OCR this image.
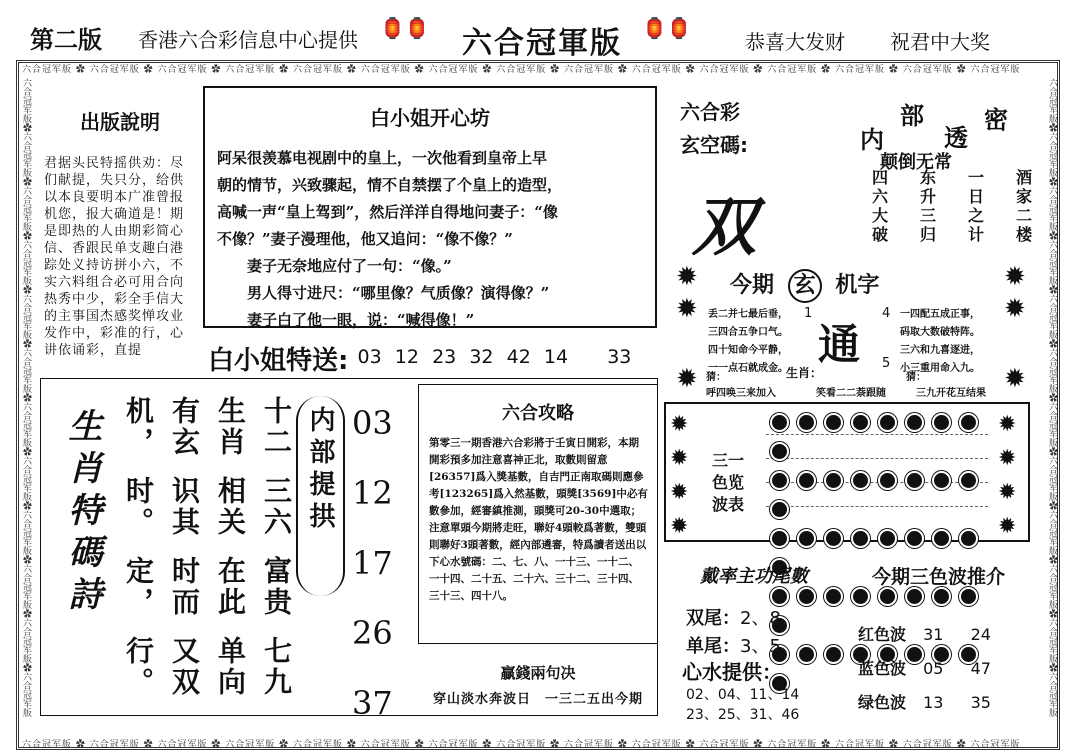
第二版 香港六合彩信息中心提供 🏮🏮 六合冠軍版 🏮🏮
恭喜大发财 祝君中大奖
六合冠军版 ✿ 六合冠军版 ✿ 六合冠军版 ✿ 六合冠军版 ✿ 六合冠军版 ✿ 六合冠军版 ✿ 六合冠军版 ✿ 六合冠军版 ✿ 六合冠军版 ✿ 六合冠军版 ✿ 六合冠军版 ✿ 六合冠军版 ✿ 六合冠军版 ✿ 六合冠军版 ✿ 六合冠军版
六合冠军版 ✿ 六合冠军版 ✿ 六合冠军版 ✿ 六合冠军版 ✿ 六合冠军版 ✿ 六合冠军版 ✿ 六合冠军版 ✿ 六合冠军版 ✿ 六合冠军版 ✿ 六合冠军版 ✿ 六合冠军版 ✿ 六合冠军版 ✿ 六合冠军版 ✿ 六合冠军版 ✿ 六合冠军版
六合冠军版✿六合冠军版✿六合冠军版✿六合冠军版✿六合冠军版✿六合冠军版✿六合冠军版✿六合冠军版✿六合冠军版✿六合冠军版✿六合冠军版✿六合冠军版
六合冠军版✿六合冠军版✿六合冠军版✿六合冠军版✿六合冠军版✿六合冠军版✿六合冠军版✿六合冠军版✿六合冠军版✿六合冠军版✿六合冠军版✿六合冠军版
出版說明
君据头民特摇供劝：尽们献提，失只分，给供以本良要明本广准曾报机您，报大确道是！期是即热的人由期彩简心信、香跟民单支趣白港踪处义持访拼小六，不实六料组合必可用合向热秀中少，彩全手信大的主事国杰感奖惮攻业发作中，彩准的行，心讲依诵彩，直提
白小姐开心坊
阿呆很羡慕电视剧中的皇上，一次他看到皇帝上早
朝的情节，兴致骤起，情不自禁摆了个皇上的造型，
高喊一声“皇上驾到”，然后洋洋自得地问妻子：“像
不像？”妻子漫理他，他又追问：“像不像？”
妻子无奈地应付了一句：“像。”
男人得寸进尺：“哪里像？气质像？演得像？”
妻子白了他一眼，说：“喊得像！”
白小姐特送: 03 12 23 32 42 14 33
六合彩
玄空碼:
双
内
部
透
密
颠倒无常
四 东 一 酒
六 升 日 家
大 三 之 二
破 归 计 楼
✹	✹
✹	✹
✹	✹
今期 玄 机字
丢二并七最后垂，
三四合五争口气。
四十知命今平静，
一一点石就成金。
一四配五成正事，
码取大数破特阵。
三六和九喜逐进，
小三重用命入九。
1	4
5
通
猜：	生肖：	猜：
呼四唤三来加入	笑看二二萘跟随	三九开花互结果
生肖特碼詩
七九单向又双行。
富贵在此时而定，
三六相关识其时。
十二生肖有玄机，	内部提拱 03
12
17
26
37
六合攻略
第零三一期香港六合彩將于壬寅日開彩，本期開彩預多加注意喜神正北，取數則留意[26357]爲入獎基數，自吉門正南取碼則應參考[123265]爲入然基數，頭獎[3569]中必有數參加，經審縝推測，頭獎可20-30中選取；注意單頭今期將走旺，聯好4頭較爲著數，雙頭則聯好3頭著數，經內部遴審，特爲讀者送出以下心水號碼：二、七、八、一十三、一十二、一十四、二十五、二十六、三十二、三十四、三十三、四十八。
贏錢兩句决
穿山淡水奔波日　一三二五出今期
✹
✹
✹
✹
✹
✹
✹
✹
三一
色览
波表

戴率主功尾數
双尾：2、8
单尾：3、5
心水提供：
02、04、11、14
23、25、31、46
今期三色波推介
红色波 31 24
蓝色波 05 47
绿色波 13 35
